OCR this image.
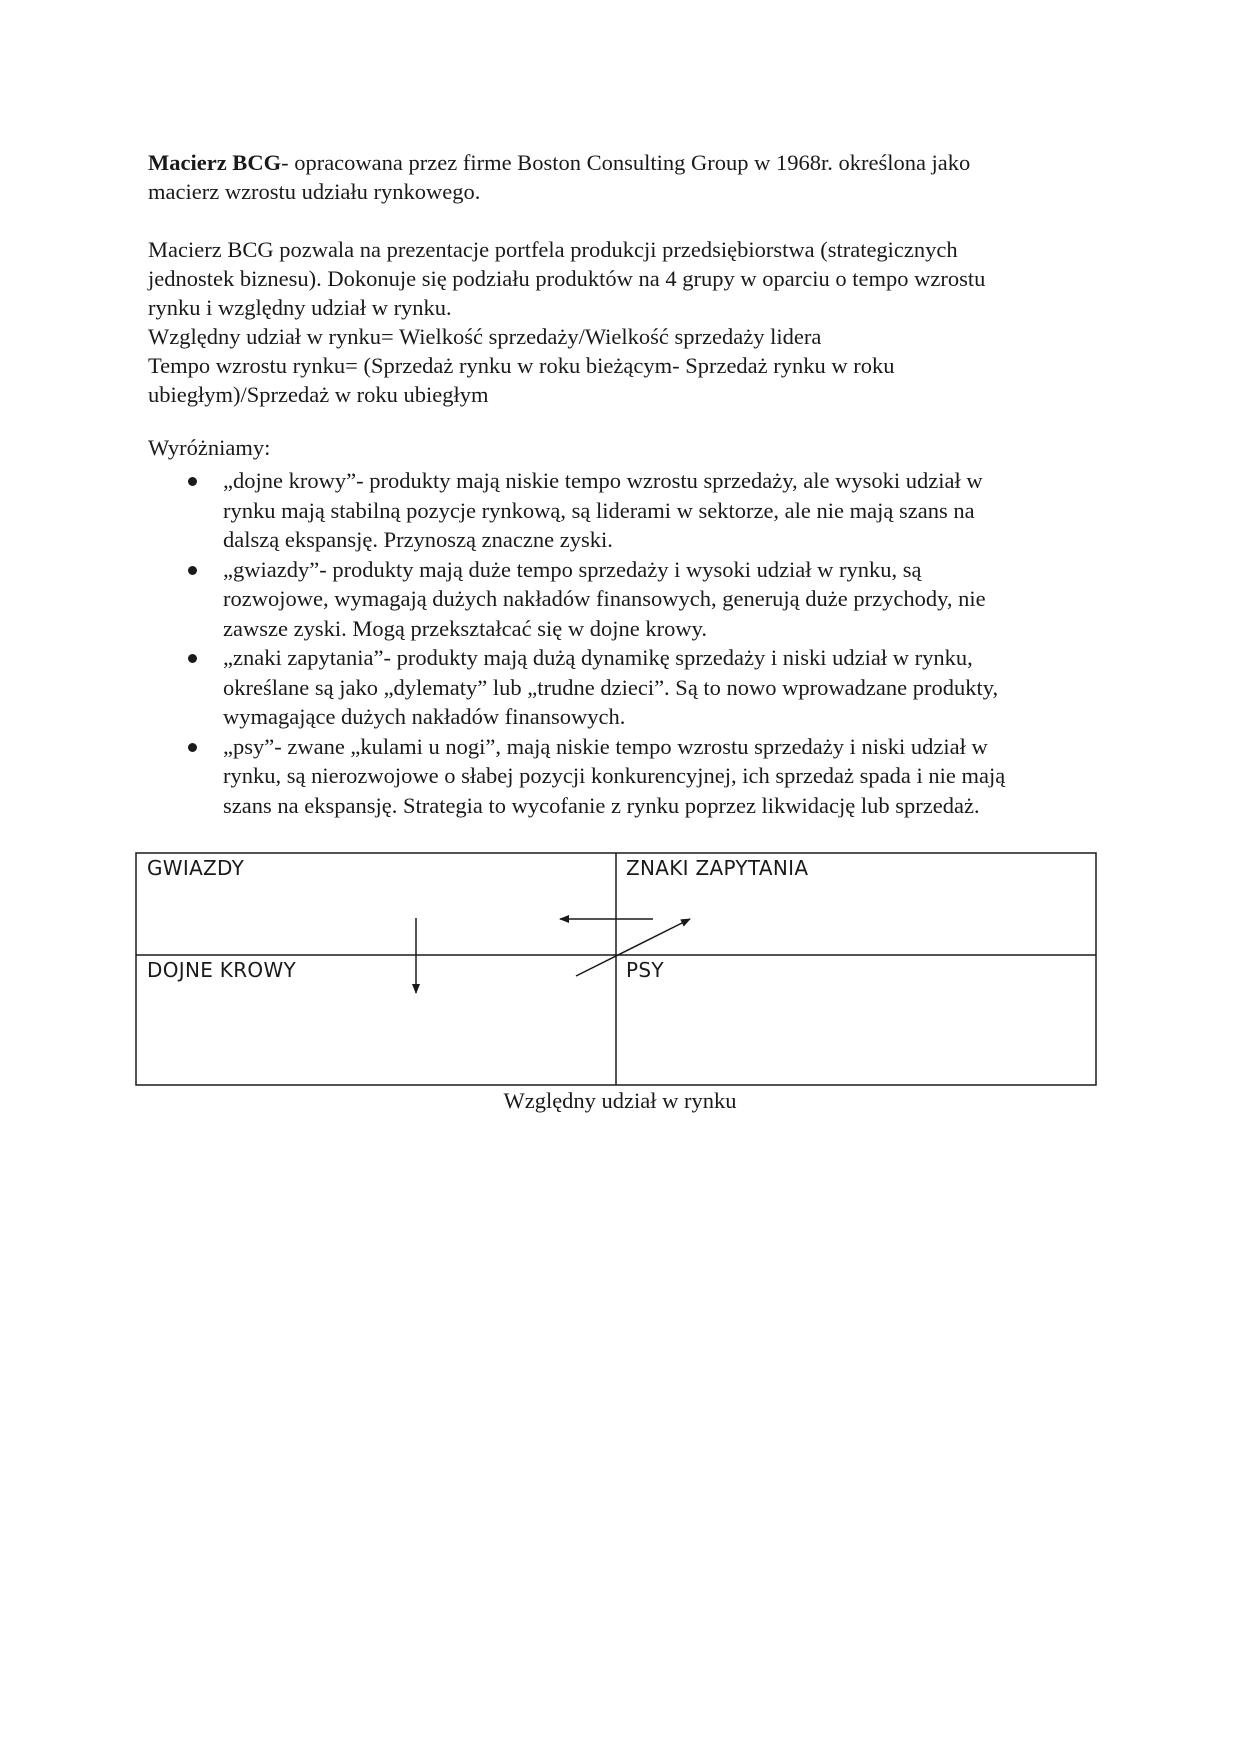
Macierz BCG- opracowana przez firme Boston Consulting Group w 1968r. określona jako
macierz wzrostu udziału rynkowego.
Macierz BCG pozwala na prezentacje portfela produkcji przedsiębiorstwa (strategicznych
jednostek biznesu). Dokonuje się podziału produktów na 4 grupy w oparciu o tempo wzrostu
rynku i względny udział w rynku.
Względny udział w rynku= Wielkość sprzedaży/Wielkość sprzedaży lidera
Tempo wzrostu rynku= (Sprzedaż rynku w roku bieżącym- Sprzedaż rynku w roku
ubiegłym)/Sprzedaż w roku ubiegłym
Wyróżniamy:
„dojne krowy”- produkty mają niskie tempo wzrostu sprzedaży, ale wysoki udział w
rynku mają stabilną pozycje rynkową, są liderami w sektorze, ale nie mają szans na
dalszą ekspansję. Przynoszą znaczne zyski.
„gwiazdy”- produkty mają duże tempo sprzedaży i wysoki udział w rynku, są
rozwojowe, wymagają dużych nakładów finansowych, generują duże przychody, nie
zawsze zyski. Mogą przekształcać się w dojne krowy.
„znaki zapytania”- produkty mają dużą dynamikę sprzedaży i niski udział w rynku,
określane są jako „dylematy” lub „trudne dzieci”. Są to nowo wprowadzane produkty,
wymagające dużych nakładów finansowych.
„psy”- zwane „kulami u nogi”, mają niskie tempo wzrostu sprzedaży i niski udział w
rynku, są nierozwojowe o słabej pozycji konkurencyjnej, ich sprzedaż spada i nie mają
szans na ekspansję. Strategia to wycofanie z rynku poprzez likwidację lub sprzedaż.
GWIAZDY	ZNAKI ZAPYTANIA
DOJNE KROWY	PSY
Względny udział w rynku
